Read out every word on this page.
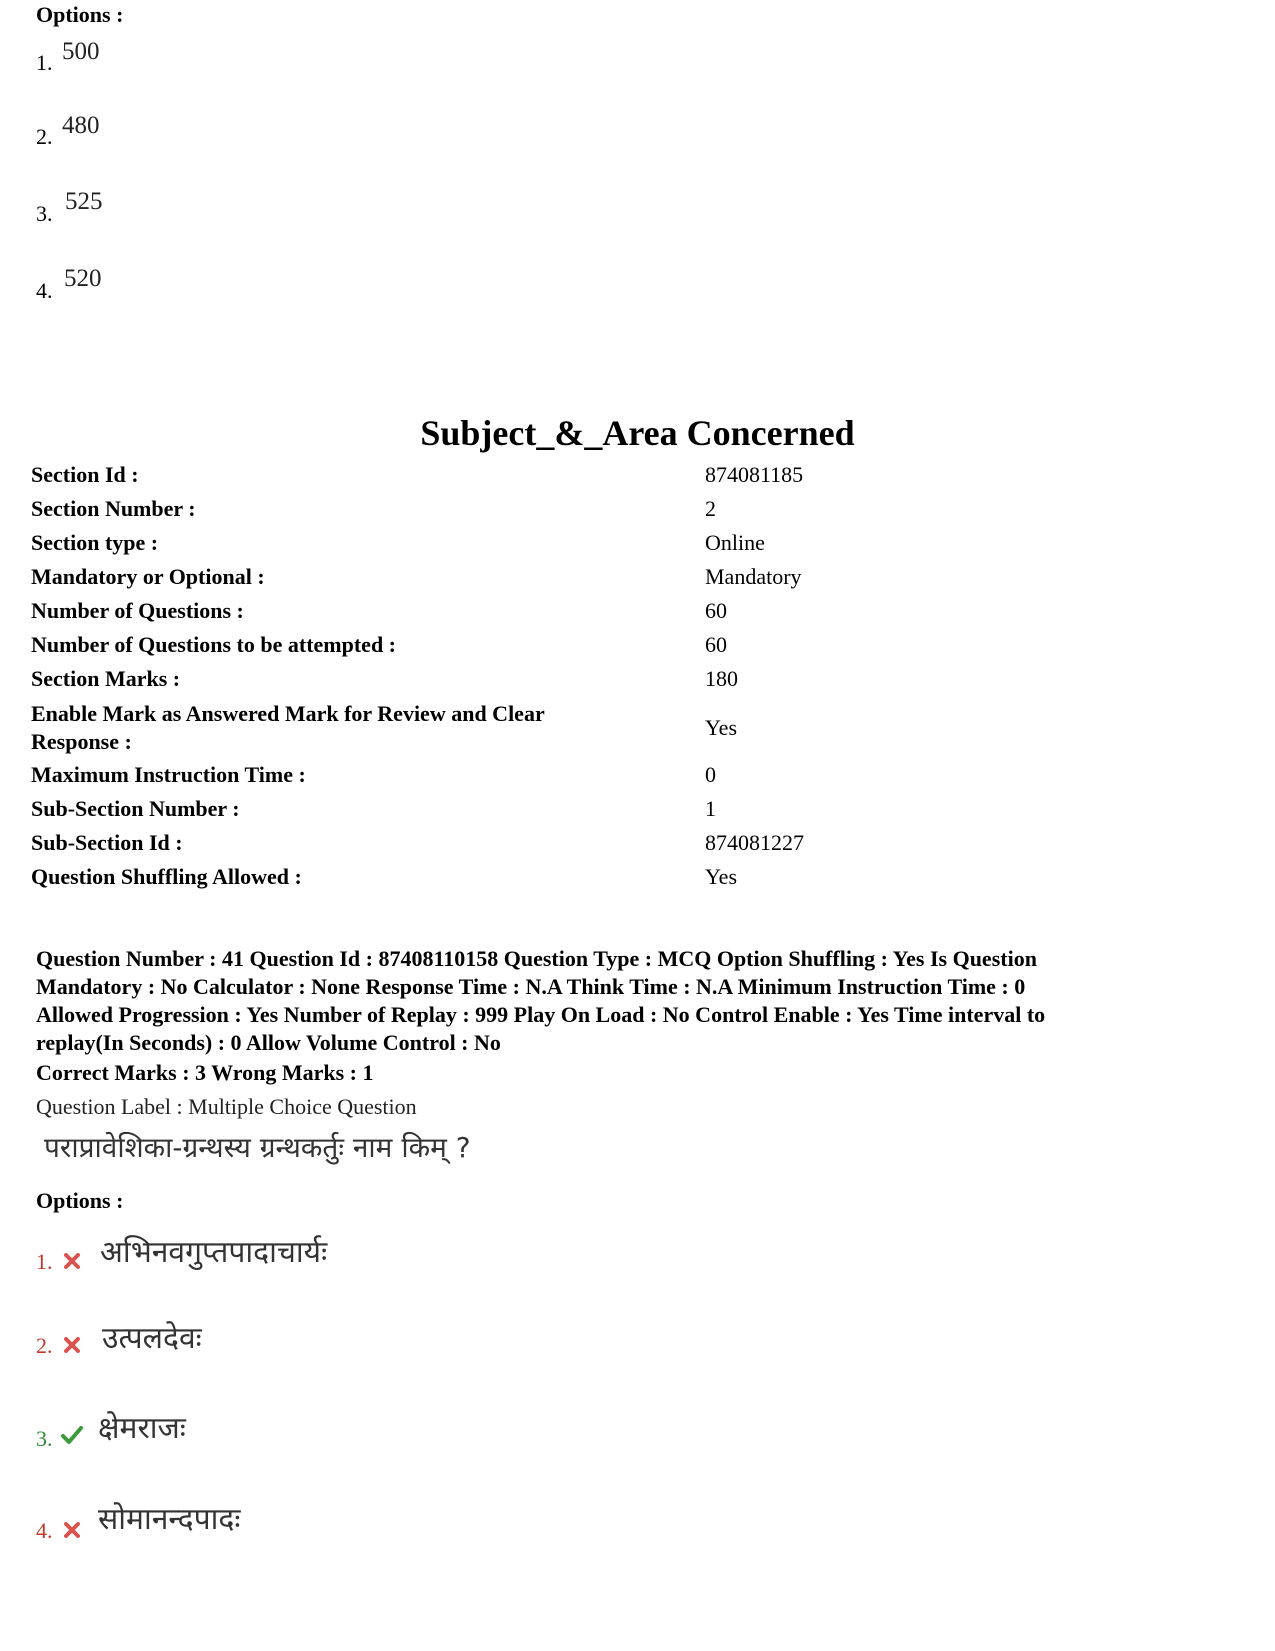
Options :
1. 500
2. 480
3. 525
4. 520
Subject_&_Area Concerned
Section Id :	874081185
Section Number :	2
Section type :	Online
Mandatory or Optional :	Mandatory
Number of Questions :	60
Number of Questions to be attempted :	60
Section Marks :	180
Enable Mark as Answered Mark for Review and Clear
Response :
Yes
Maximum Instruction Time :	0
Sub-Section Number :	1
Sub-Section Id :	874081227
Question Shuffling Allowed :	Yes
Question Number : 41 Question Id : 87408110158 Question Type : MCQ Option Shuffling : Yes Is Question
Mandatory : No Calculator : None Response Time : N.A Think Time : N.A Minimum Instruction Time : 0
Allowed Progression : Yes Number of Replay : 999 Play On Load : No Control Enable : Yes Time interval to
replay(In Seconds) : 0 Allow Volume Control : No
Correct Marks : 3 Wrong Marks : 1
Question Label : Multiple Choice Question
पराप्रावेशिका-ग्रन्थस्य ग्रन्थकर्तुः नाम किम् ?
Options :
1. अभिनवगुप्तपादाचार्यः
2. उत्पलदेवः
3. क्षेमराजः
4. सोमानन्दपादः
